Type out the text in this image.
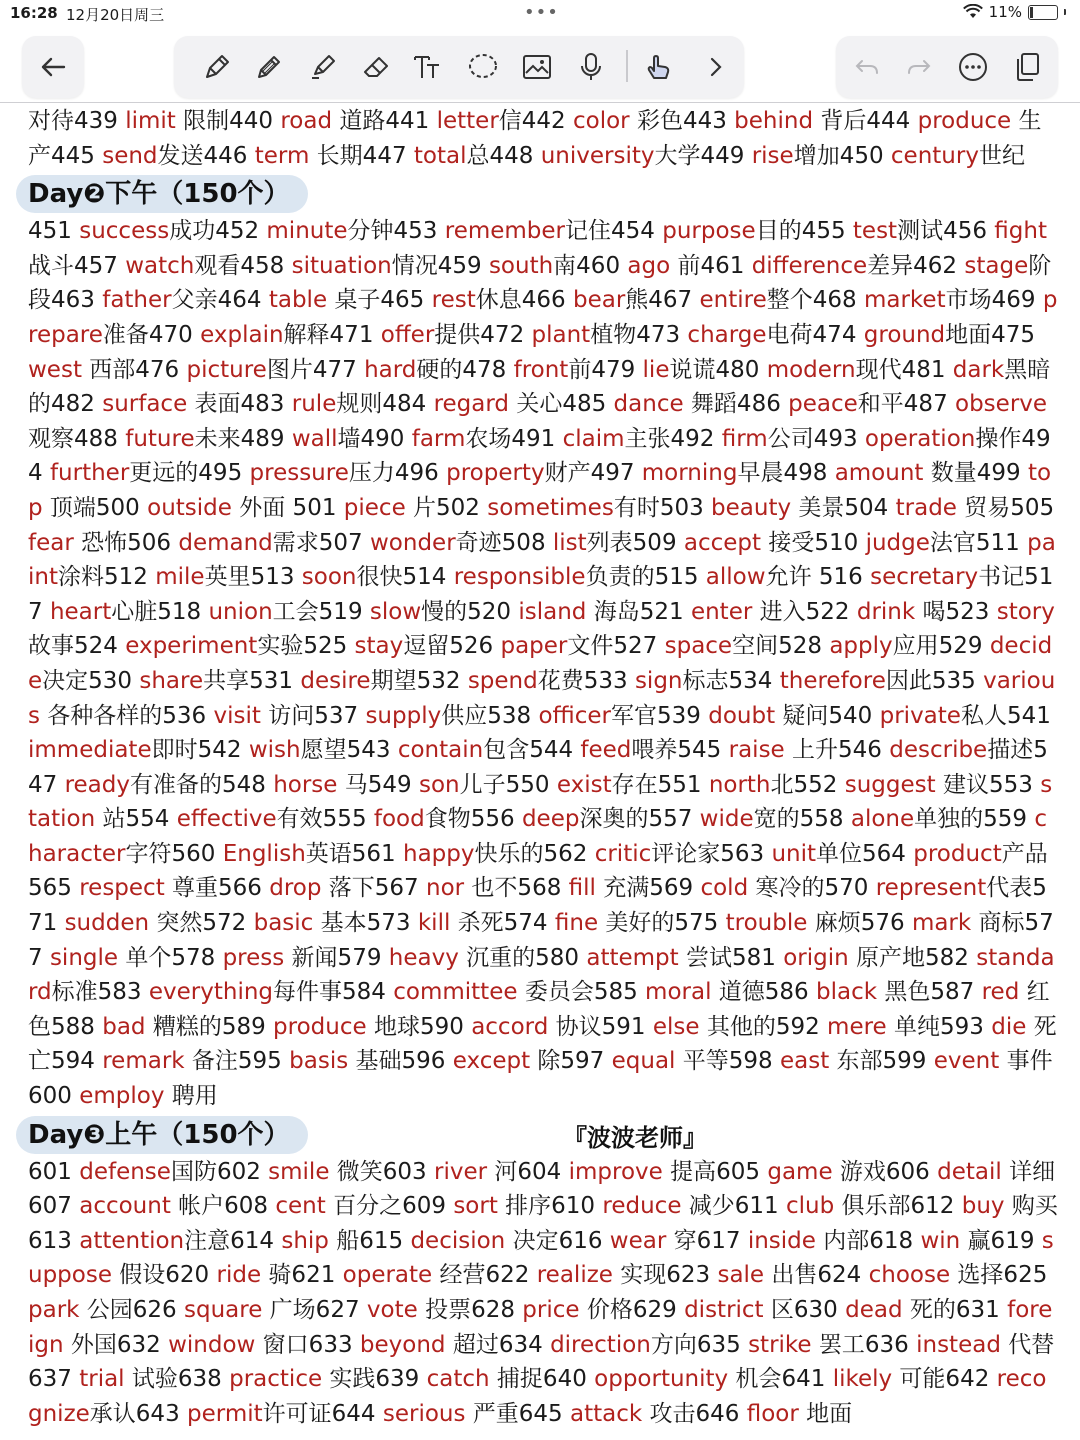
16:28 12月20日周三	•••	11%

对待439 limit 限制440 road 道路441 letter信442 color 彩色443 behind 背后444 produce 生产445 send发送446 term 长期447 total总448 university大学449 rise增加450 century世纪

Day❷下午（150个）

451 success成功452 minute分钟453 remember记住454 purpose目的455 test测试456 fight战斗457 watch观看458 situation情况459 south南460 ago 前461 difference差异462 stage阶段463 father父亲464 table 桌子465 rest休息466 bear熊467 entire整个468 market市场469 prepare准备470 explain解释471 offer提供472 plant植物473 charge电荷474 ground地面475 west 西部476 picture图片477 hard硬的478 front前479 lie说谎480 modern现代481 dark黑暗的482 surface 表面483 rule规则484 regard 关心485 dance 舞蹈486 peace和平487 observe观察488 future未来489 wall墙490 farm农场491 claim主张492 firm公司493 operation操作494 further更远的495 pressure压力496 property财产497 morning早晨498 amount 数量499 top 顶端500 outside 外面 501 piece 片502 sometimes有时503 beauty 美景504 trade 贸易505 fear 恐怖506 demand需求507 wonder奇迹508 list列表509 accept 接受510 judge法官511 paint涂料512 mile英里513 soon很快514 responsible负责的515 allow允许 516 secretary书记517 heart心脏518 union工会519 slow慢的520 island 海岛521 enter 进入522 drink 喝523 story故事524 experiment实验525 stay逗留526 paper文件527 space空间528 apply应用529 decide决定530 share共享531 desire期望532 spend花费533 sign标志534 therefore因此535 various 各种各样的536 visit 访问537 supply供应538 officer军官539 doubt 疑问540 private私人541 immediate即时542 wish愿望543 contain包含544 feed喂养545 raise 上升546 describe描述547 ready有准备的548 horse 马549 son儿子550 exist存在551 north北552 suggest 建议553 station 站554 effective有效555 food食物556 deep深奥的557 wide宽的558 alone单独的559 character字符560 English英语561 happy快乐的562 critic评论家563 unit单位564 product产品565 respect 尊重566 drop 落下567 nor 也不568 fill 充满569 cold 寒冷的570 represent代表571 sudden 突然572 basic 基本573 kill 杀死574 fine 美好的575 trouble 麻烦576 mark 商标577 single 单个578 press 新闻579 heavy 沉重的580 attempt 尝试581 origin 原产地582 standard标准583 everything每件事584 committee 委员会585 moral 道德586 black 黑色587 red 红色588 bad 糟糕的589 produce 地球590 accord 协议591 else 其他的592 mere 单纯593 die 死亡594 remark 备注595 basis 基础596 except 除597 equal 平等598 east 东部599 event 事件600 employ 聘用

Day❸上午（150个）	『波波老师』

601 defense国防602 smile 微笑603 river 河604 improve 提高605 game 游戏606 detail 详细607 account 帐户608 cent 百分之609 sort 排序610 reduce 减少611 club 俱乐部612 buy 购买613 attention注意614 ship 船615 decision 决定616 wear 穿617 inside 内部618 win 赢619 suppose 假设620 ride 骑621 operate 经营622 realize 实现623 sale 出售624 choose 选择625 park 公园626 square 广场627 vote 投票628 price 价格629 district 区630 dead 死的631 foreign 外国632 window 窗口633 beyond 超过634 direction方向635 strike 罢工636 instead 代替637 trial 试验638 practice 实践639 catch 捕捉640 opportunity 机会641 likely 可能642 recognize承认643 permit许可证644 serious 严重645 attack 攻击646 floor 地面
